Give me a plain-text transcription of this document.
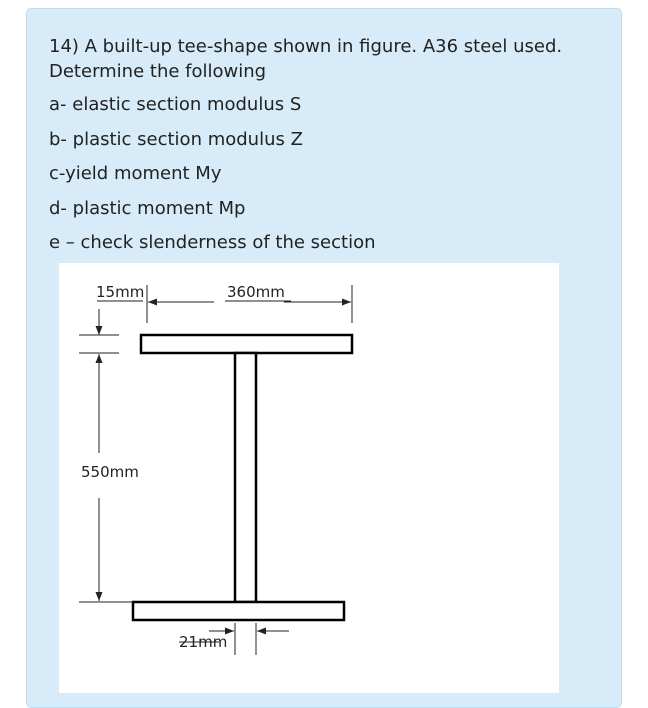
14) A built-up tee-shape shown in figure. A36 steel used. Determine the following

a- elastic section modulus S

b- plastic section modulus Z

c-yield moment My

d- plastic moment Mp

e – check slenderness of the section

360mm
15mm
550mm
21mm
